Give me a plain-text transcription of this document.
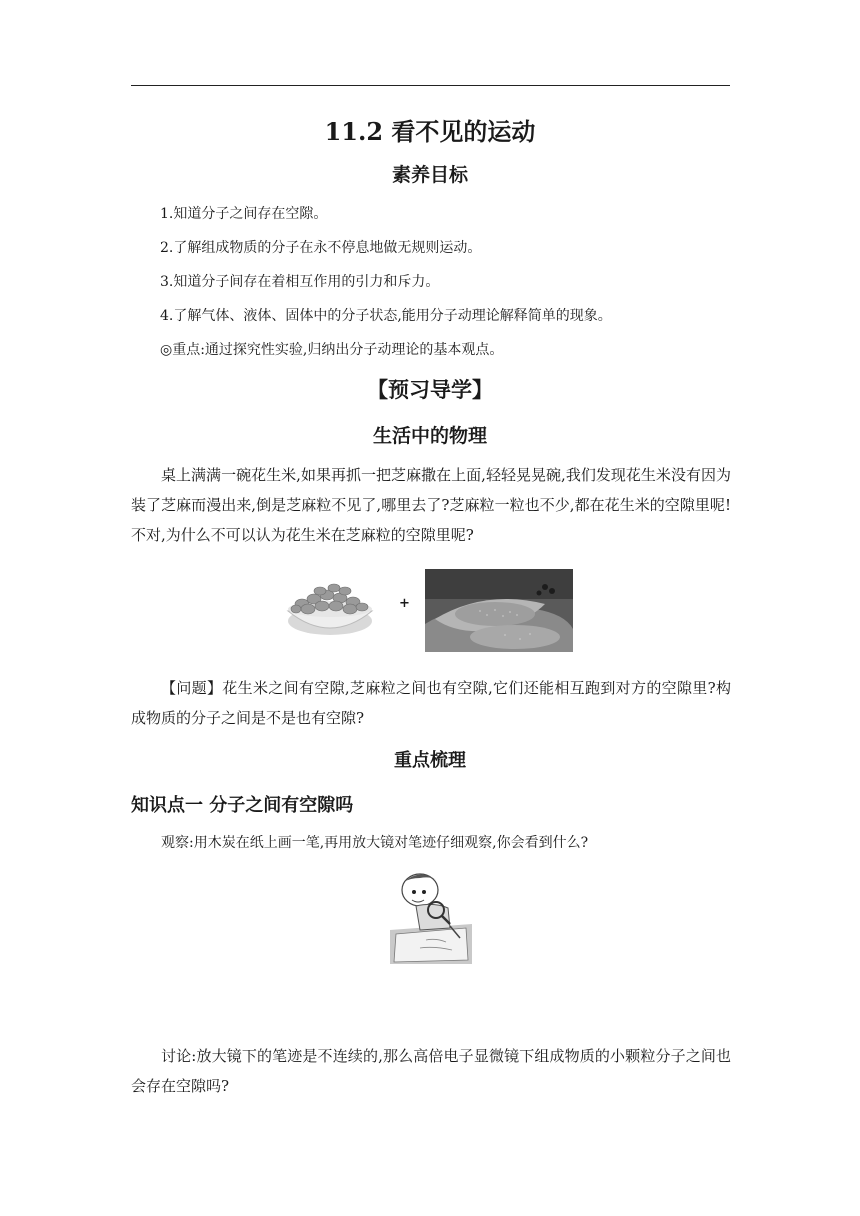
11.2 看不见的运动
素养目标
1.知道分子之间存在空隙。
2.了解组成物质的分子在永不停息地做无规则运动。
3.知道分子间存在着相互作用的引力和斥力。
4.了解气体、液体、固体中的分子状态,能用分子动理论解释简单的现象。
◎重点:通过探究性实验,归纳出分子动理论的基本观点。
【预习导学】
生活中的物理
桌上满满一碗花生米,如果再抓一把芝麻撒在上面,轻轻晃晃碗,我们发现花生米没有因为装了芝麻而漫出来,倒是芝麻粒不见了,哪里去了?芝麻粒一粒也不少,都在花生米的空隙里呢!不对,为什么不可以认为花生米在芝麻粒的空隙里呢?
+
【问题】花生米之间有空隙,芝麻粒之间也有空隙,它们还能相互跑到对方的空隙里?构成物质的分子之间是不是也有空隙?
重点梳理
知识点一 分子之间有空隙吗
观察:用木炭在纸上画一笔,再用放大镜对笔迹仔细观察,你会看到什么?
讨论:放大镜下的笔迹是不连续的,那么高倍电子显微镜下组成物质的小颗粒分子之间也会存在空隙吗?
